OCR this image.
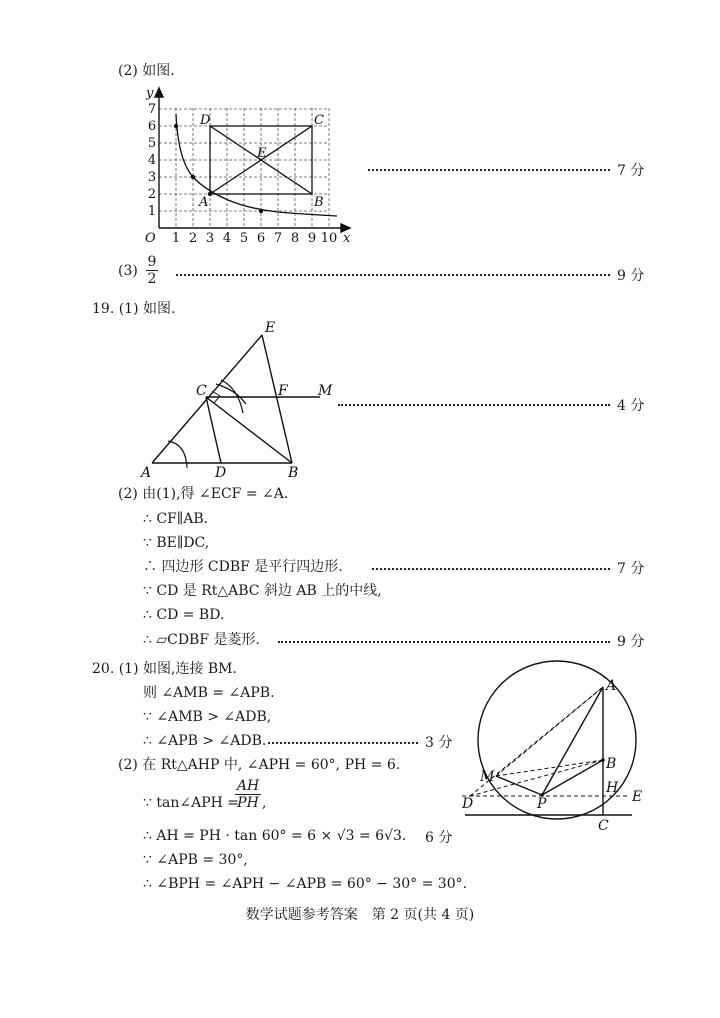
(2) 如图.
y
x
O
D	C
E
A	B
1
2
3
4
5
6
7
1 2 3 4 5 6 7 8 9 10
7 分
$(3) \frac{9}{2}$	9 分
19. (1) 如图.
E
C	F M
A	D	B
4 分
(2) 由(1),得 ∠ECF = ∠A.
∴ CF∥AB.
∵ BE∥DC,
∴ 四边形 CDBF 是平行四边形.	7 分
∵ CD 是 Rt△ABC 斜边 AB 上的中线,
∴ CD = BD.
∴ ▱CDBF 是菱形.	9 分
20. (1) 如图,连接 BM.
则 ∠AMB = ∠APB.
∵ ∠AMB > ∠ADB,
∴ ∠APB > ∠ADB.	3 分
(2) 在 Rt△AHP 中, ∠APH = 60°, PH = 6.
∵ tan∠APH =
$\frac{AH}{PH}$ ,
∴ AH = PH · tan 60° = 6 × √3 = 6√3. 6 分
∵ ∠APB = 30°,
∴ ∠BPH = ∠APH − ∠APB = 60° − 30° = 30°.
A
B
H
M
D	P	E
C
数学试题参考答案　第 2 页(共 4 页)
